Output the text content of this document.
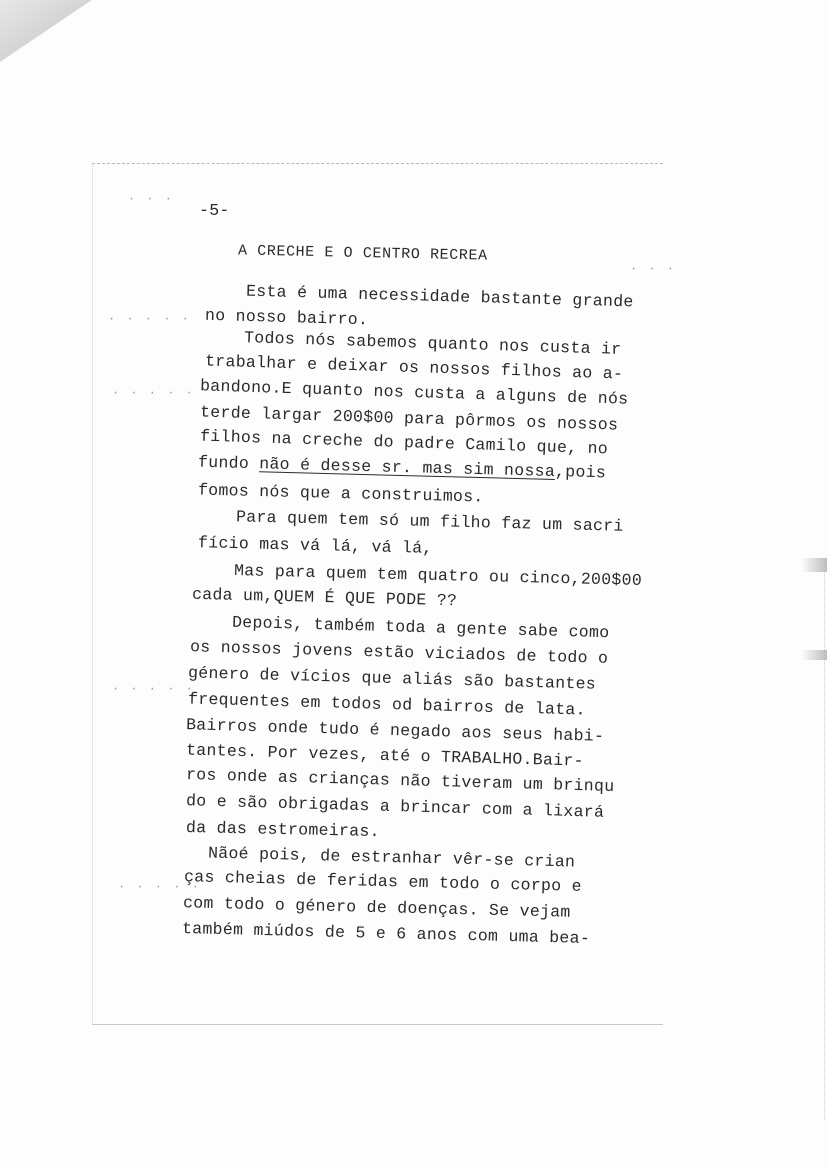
-5-
A CRECHE E O CENTRO RECREA
Esta é uma necessidade bastante grande
no nosso bairro.
Todos nós sabemos quanto nos custa ir
trabalhar e deixar os nossos filhos ao a-
bandono.E quanto nos custa a alguns de nós
terde largar 200$00 para pôrmos os nossos
filhos na creche do padre Camilo que, no
fundo não é desse sr. mas sim nossa,pois
fomos nós que a construimos.
Para quem tem só um filho faz um sacri
fício mas vá lá, vá lá,
Mas para quem tem quatro ou cinco,200$00
cada um,QUEM É QUE PODE ??
Depois, também toda a gente sabe como
os nossos jovens estão viciados de todo o
género de vícios que aliás são bastantes
frequentes em todos od bairros de lata.
Bairros onde tudo é negado aos seus habi-
tantes. Por vezes, até o TRABALHO.Bair-
ros onde as crianças não tiveram um brinqu
do e são obrigadas a brincar com a lixará
da das estromeiras.
Nãoé pois, de estranhar vêr-se crian
ças cheias de feridas em todo o corpo e
com todo o género de doenças. Se vejam
também miúdos de 5 e 6 anos com uma bea-
· · · · ·
· · · · ·
· · · · ·
· · · · ·
· · ·
· · ·
